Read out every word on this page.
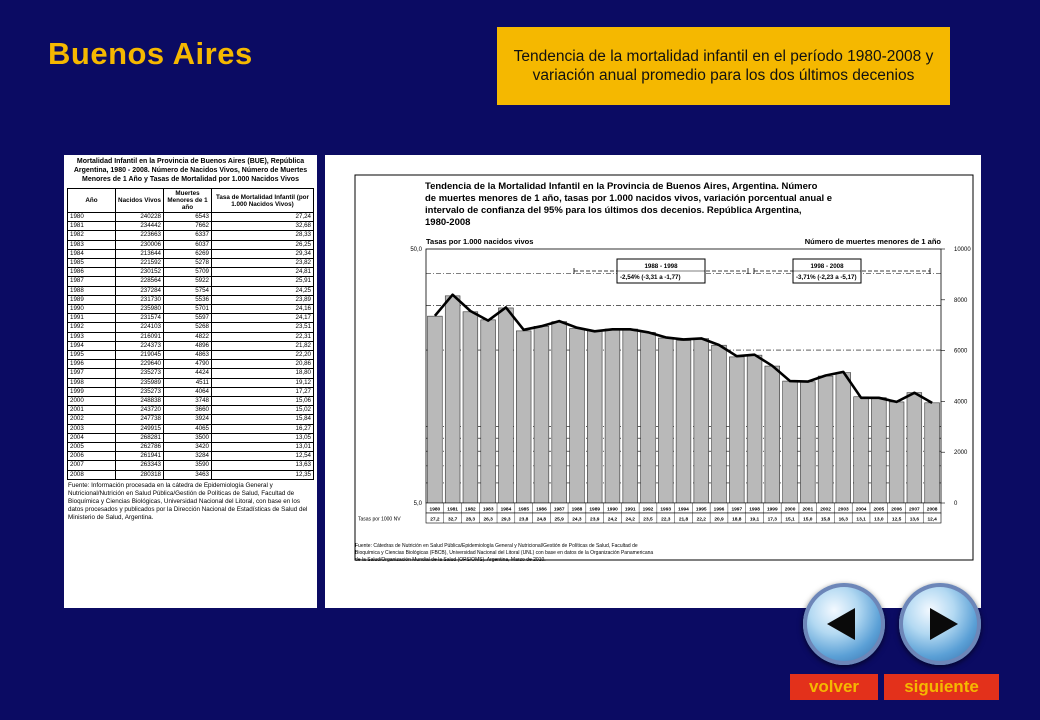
Buenos Aires	Tendencia de la mortalidad infantil en el período 1980-2008 y variación anual promedio para los dos últimos decenios
Mortalidad Infantil en la Provincia de Buenos Aires (BUE), República Argentina, 1980 - 2008. Número de Nacidos Vivos, Número de Muertes Menores de 1 Año y Tasas de Mortalidad por 1.000 Nacidos Vivos
Año	Nacidos Vivos	Muertes Menores de 1 año	Tasa de Mortalidad Infantil (por 1.000 Nacidos Vivos)
1980	240228	6543	27,24
1981	234442	7662	32,68
1982	223663	6337	28,33
1983	230006	6037	26,25
1984	213644	6269	29,34
1985	221592	5278	23,82
1986	230152	5709	24,81
1987	228564	5922	25,91
1988	237284	5754	24,25
1989	231730	5536	23,89
1990	235980	5701	24,16
1991	231574	5597	24,17
1992	224103	5268	23,51
1993	216091	4822	22,31
1994	224373	4896	21,82
1995	219045	4863	22,20
1996	229640	4790	20,86
1997	235273	4424	18,80
1998	235989	4511	19,12
1999	235273	4064	17,27
2000	248838	3748	15,06
2001	243720	3660	15,02
2002	247738	3924	15,84
2003	249915	4065	16,27
2004	268281	3500	13,05
2005	262786	3420	13,01
2006	261941	3284	12,54
2007	263343	3590	13,63
2008	280318	3463	12,35
Fuente: Información procesada en la cátedra de Epidemiología General y Nutricional/Nutrición en Salud Pública/Gestión de Políticas de Salud, Facultad de Bioquímica y Ciencias Biológicas, Universidad Nacional del Litoral, con base en los datos procesados y publicados por la Dirección Nacional de Estadísticas de Salud del Ministerio de Salud, Argentina.
Tendencia de la Mortalidad Infantil en la Provincia de Buenos Aires, Argentina. Número
de muertes menores de 1 año, tasas por 1.000 nacidos vivos, variación porcentual anual e
intervalo de confianza del 95% para los últimos dos decenios. República Argentina,
1980-2008
Tasas por 1.000 nacidos vivos	Número de muertes menores de 1 año
50,0
5,0
10000
8000
6000
4000
2000
0
Tasas por 1000 NV
1980
27,2
1981
32,7
1982
28,3
1983
26,3
1984
29,3
1985
23,8
1986
24,8
1987
25,9
1988
24,3
1989
23,9
1990
24,2
1991
24,2
1992
23,5
1993
22,3
1994
21,8
1995
22,2
1996
20,9
1997
18,8
1998
19,1
1999
17,3
2000
15,1
2001
15,0
2002
15,8
2003
16,3
2004
13,1
2005
13,0
2006
12,5
2007
13,6
2008
12,4
1988 - 1998
-2,54% (-3,31 a -1,77)
1998 - 2008
-3,71% (-2,23 a -5,17)
Fuente: Cátedras de Nutrición en Salud Pública/Epidemiología General y Nutricional/Gestión de Políticas de Salud, Facultad de
Bioquímica y Ciencias Biológicas (FBCB), Universidad Nacional del Litoral (UNL) con base en datos de la Organización Panamericana
de la Salud/Organización Mundial de la Salud (OPS/OMS). Argentina, Marzo de 2010.
volver	siguiente
